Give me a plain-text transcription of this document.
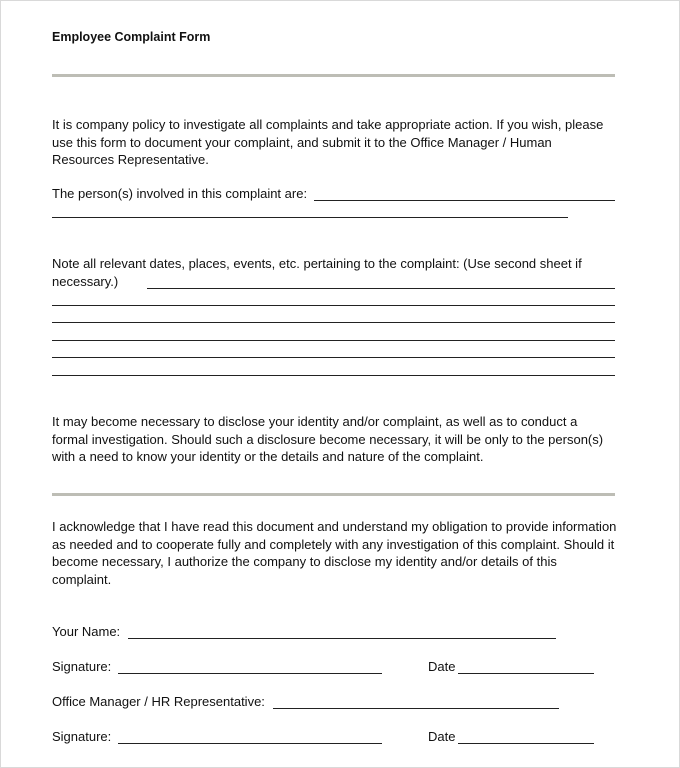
Employee Complaint Form
It is company policy to investigate all complaints and take appropriate action. If you wish, please use this form to document your complaint, and submit it to the Office Manager / Human Resources Representative.
The person(s) involved in this complaint are:
Note all relevant dates, places, events, etc. pertaining to the complaint: (Use second sheet if
necessary.)
It may become necessary to disclose your identity and/or complaint, as well as to conduct a formal investigation. Should such a disclosure become necessary, it will be only to the person(s) with a need to know your identity or the details and nature of the complaint.
I acknowledge that I have read this document and understand my obligation to provide information as needed and to cooperate fully and completely with any investigation of this complaint. Should it become necessary, I authorize the company to disclose my identity and/or details of this complaint.
Your Name:
Signature:	Date
Office Manager / HR Representative:
Signature:	Date
